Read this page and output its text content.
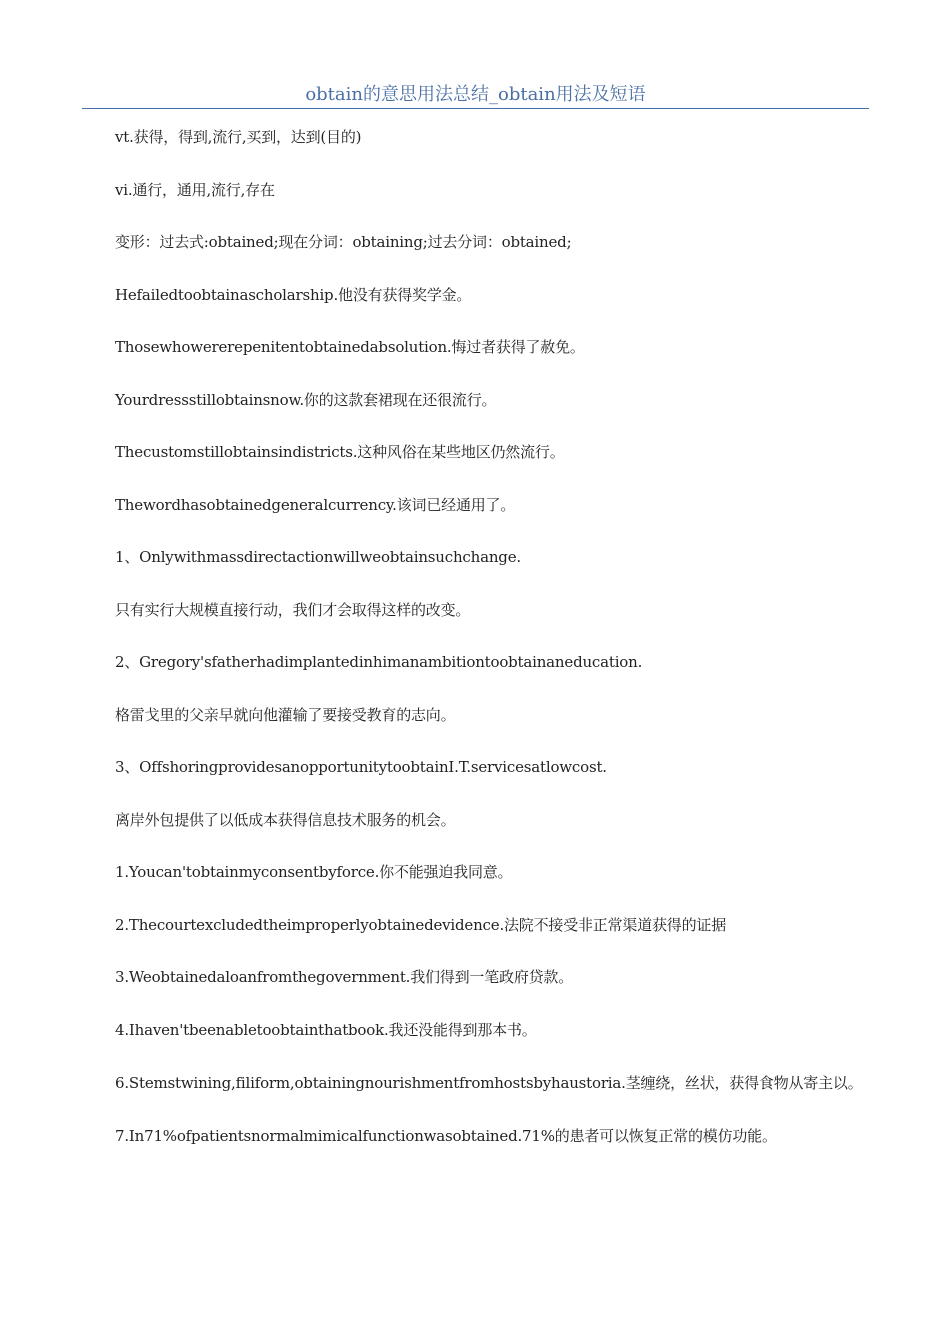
obtain的意思用法总结_obtain用法及短语

vt.获得，得到,流行,买到，达到(目的)

vi.通行，通用,流行,存在

变形：过去式:obtained;现在分词：obtaining;过去分词：obtained;

Hefailedtoobtainascholarship.他没有获得奖学金。

Thosewhowererepenitentobtainedabsolution.悔过者获得了赦免。

Yourdressstillobtainsnow.你的这款套裙现在还很流行。

Thecustomstillobtainsindistricts.这种风俗在某些地区仍然流行。

Thewordhasobtainedgeneralcurrency.该词已经通用了。

1、Onlywithmassdirectactionwillweobtainsuchchange.

只有实行大规模直接行动，我们才会取得这样的改变。

2、Gregory'sfatherhadimplantedinhimanambitiontoobtainaneducation.

格雷戈里的父亲早就向他灌输了要接受教育的志向。

3、OffshoringprovidesanopportunitytoobtainI.T.servicesatlowcost.

离岸外包提供了以低成本获得信息技术服务的机会。

1.Youcan'tobtainmyconsentbyforce.你不能强迫我同意。

2.Thecourtexcludedtheimproperlyobtainedevidence.法院不接受非正常渠道获得的证据

3.Weobtainedaloanfromthegovernment.我们得到一笔政府贷款。

4.Ihaven'tbeenabletoobtainthatbook.我还没能得到那本书。

6.Stemstwining,filiform,obtainingnourishmentfromhostsbyhaustoria.茎缠绕，丝状，获得食物从寄主以。

7.In71%ofpatientsnormalmimicalfunctionwasobtained.71%的患者可以恢复正常的模仿功能。
